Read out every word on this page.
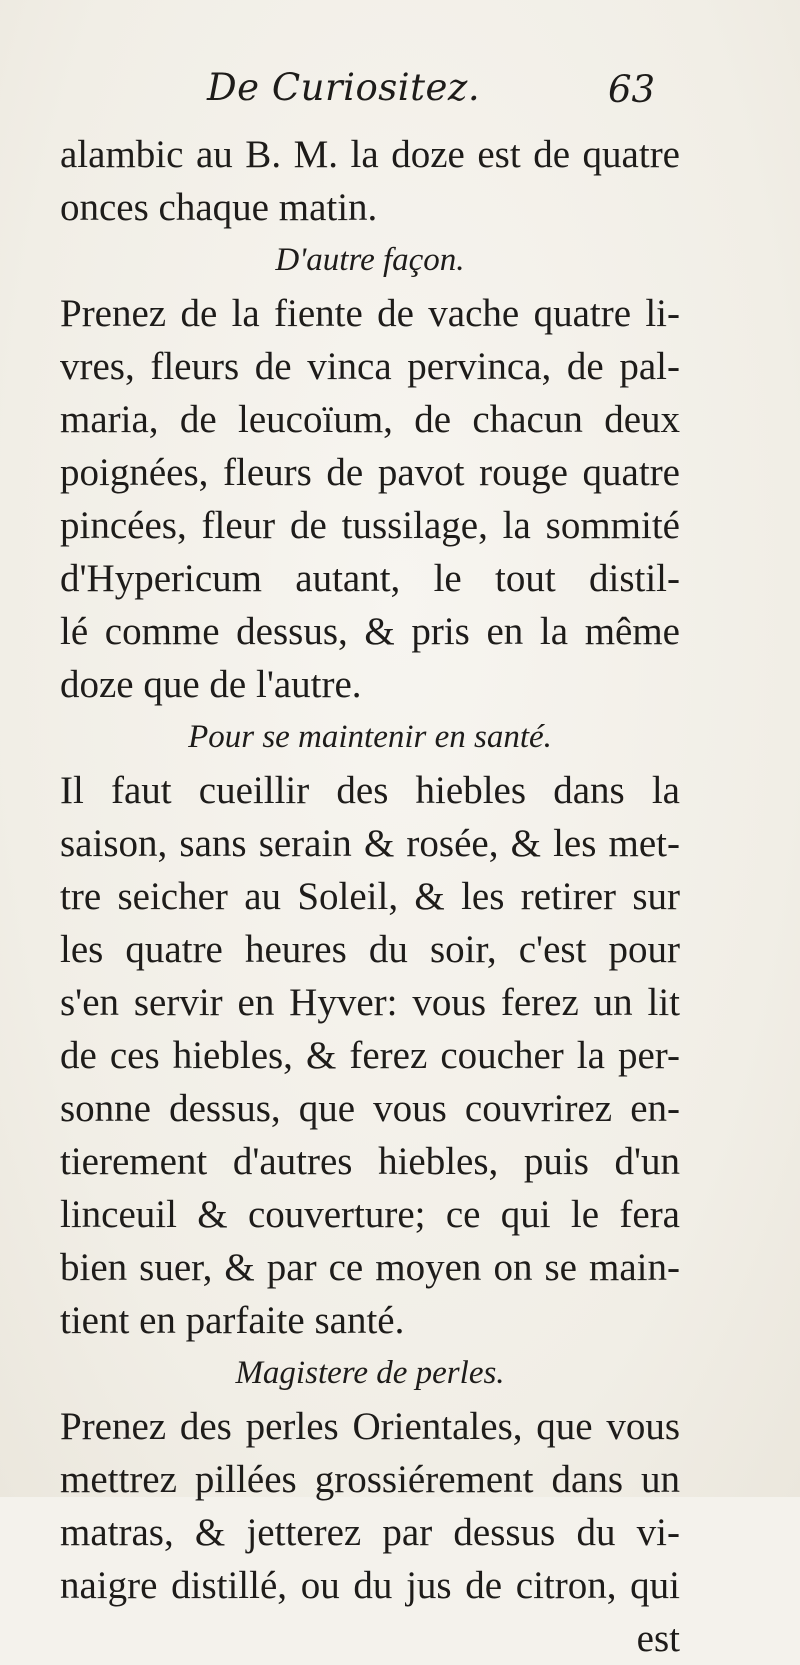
De Curiositez.	63
alambic au B. M. la doze est de quatre
onces chaque matin.
D'autre façon.
Prenez de la fiente de vache quatre li-
vres, fleurs de vinca pervinca, de pal-
maria, de leucoïum, de chacun deux
poignées, fleurs de pavot rouge quatre
pincées, fleur de tussilage, la sommité
d'Hypericum autant, le tout distil-
lé comme dessus, & pris en la même
doze que de l'autre.
Pour se maintenir en santé.
Il faut cueillir des hiebles dans la
saison, sans serain & rosée, & les met-
tre seicher au Soleil, & les retirer sur
les quatre heures du soir, c'est pour
s'en servir en Hyver: vous ferez un lit
de ces hiebles, & ferez coucher la per-
sonne dessus, que vous couvrirez en-
tierement d'autres hiebles, puis d'un
linceuil & couverture; ce qui le fera
bien suer, & par ce moyen on se main-
tient en parfaite santé.
Magistere de perles.
Prenez des perles Orientales, que vous
mettrez pillées grossiérement dans un
matras, & jetterez par dessus du vi-
naigre distillé, ou du jus de citron, qui
est
